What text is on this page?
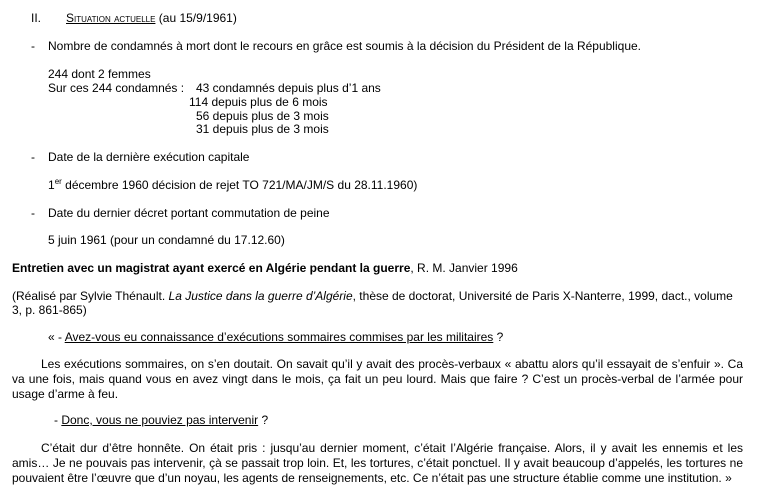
II. Situation actuelle (au 15/9/1961)
- Nombre de condamnés à mort dont le recours en grâce est soumis à la décision du Président de la République.
244 dont 2 femmes
Sur ces 244 condamnés : 43 condamnés depuis plus d’1 ans
114 depuis plus de 6 mois
56 depuis plus de 3 mois
31 depuis plus de 3 mois
- Date de la dernière exécution capitale
1er décembre 1960 décision de rejet TO 721/MA/JM/S du 28.11.1960)
- Date du dernier décret portant commutation de peine
5 juin 1961 (pour un condamné du 17.12.60)
Entretien avec un magistrat ayant exercé en Algérie pendant la guerre, R. M. Janvier 1996
(Réalisé par Sylvie Thénault. La Justice dans la guerre d’Algérie, thèse de doctorat, Université de Paris X-Nanterre, 1999, dact., volume
3, p. 861-865)
« - Avez-vous eu connaissance d’exécutions sommaires commises par les militaires ?
Les exécutions sommaires, on s’en doutait. On savait qu’il y avait des procès-verbaux « abattu alors qu’il essayait de s’enfuir ». Ca
va une fois, mais quand vous en avez vingt dans le mois, ça fait un peu lourd. Mais que faire ? C’est un procès-verbal de l’armée pour
usage d’arme à feu.
- Donc, vous ne pouviez pas intervenir ?
C’était dur d’être honnête. On était pris : jusqu’au dernier moment, c’était l’Algérie française. Alors, il y avait les ennemis et les
amis… Je ne pouvais pas intervenir, çà se passait trop loin. Et, les tortures, c’était ponctuel. Il y avait beaucoup d’appelés, les tortures ne
pouvaient être l’œuvre que d’un noyau, les agents de renseignements, etc. Ce n’était pas une structure établie comme une institution. »
